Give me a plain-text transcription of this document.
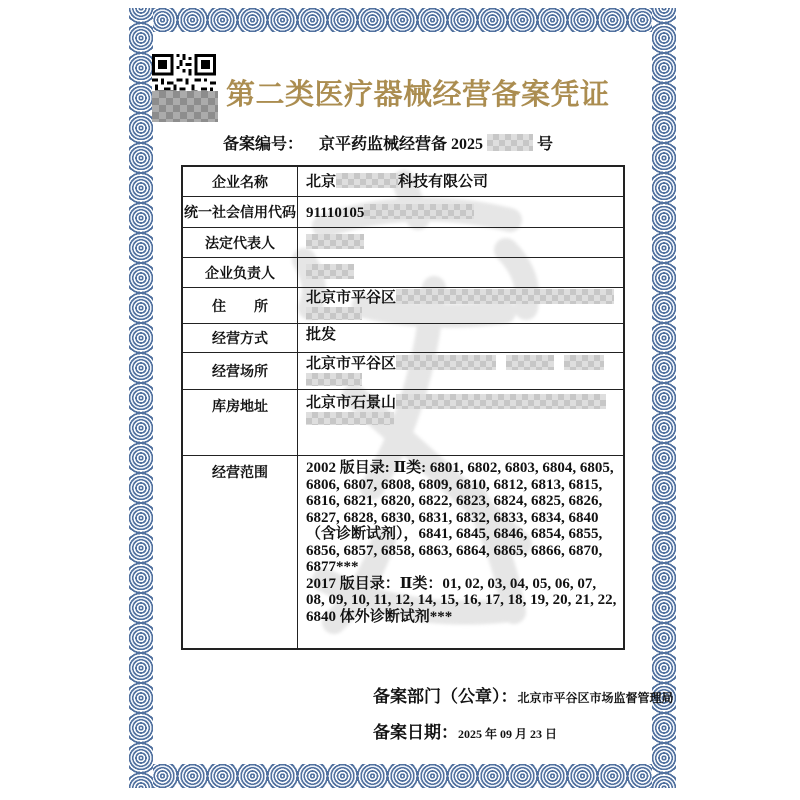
第二类医疗器械经营备案凭证
备案编号： 京平药监械经营备 2025	号
企业名称	北京 科技有限公司
统一社会信用代码	91110105
法定代表人	
企业负责人	
住　　所	北京市平谷区

经营方式	批发
经营场所	北京市平谷区

库房地址	北京市石景山

经营范围	2002 版目录: Ⅱ类: 6801, 6802, 6803, 6804, 6805, 6806, 6807, 6808, 6809, 6810, 6812, 6813, 6815, 6816, 6821, 6820, 6822, 6823, 6824, 6825, 6826, 6827, 6828, 6830, 6831, 6832, 6833, 6834, 6840（含诊断试剂），6841, 6845, 6846, 6854, 6855, 6856, 6857, 6858, 6863, 6864, 6865, 6866, 6870, 6877***
2017 版目录：Ⅱ类：01, 02, 03, 04, 05, 06, 07, 08, 09, 10, 11, 12, 14, 15, 16, 17, 18, 19, 20, 21, 22, 6840 体外诊断试剂***
备案部门（公章）：北京市平谷区市场监督管理局
备案日期：2025 年 09 月 23 日
